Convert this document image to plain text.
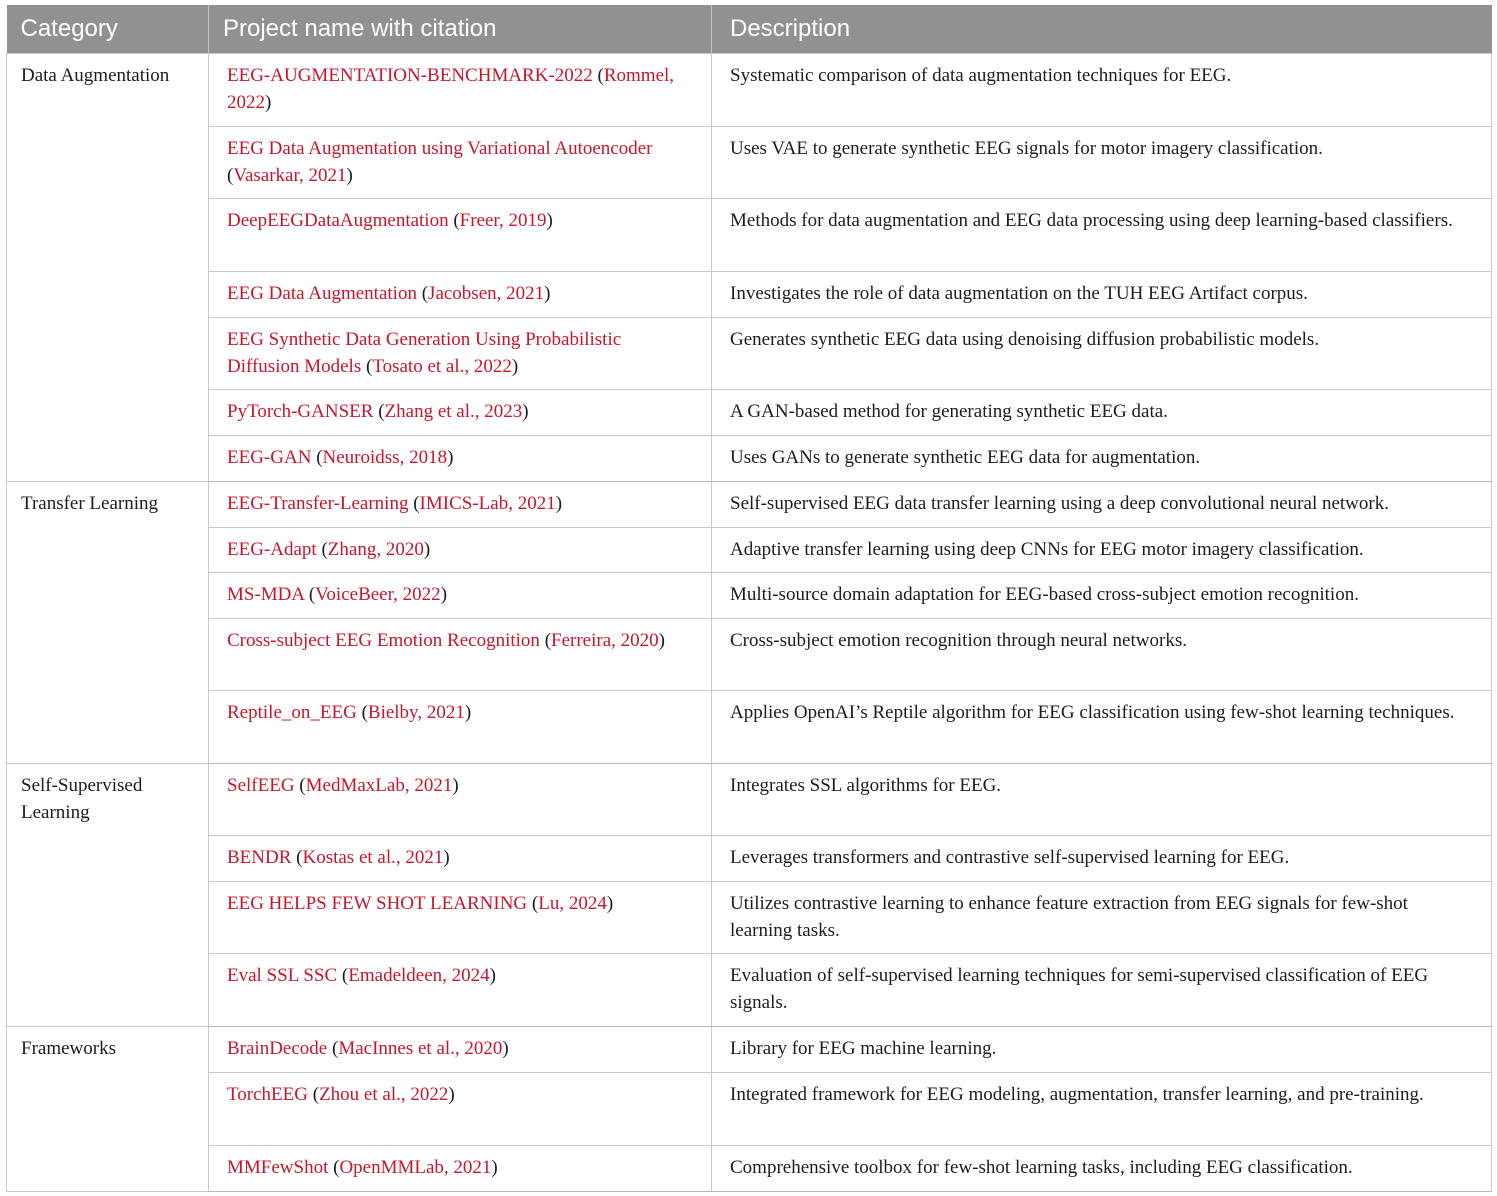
Category	Project name with citation	Description
Data Augmentation	EEG-AUGMENTATION-BENCHMARK-2022 (Rommel, 2022)	Systematic comparison of data augmentation techniques for EEG.
	EEG Data Augmentation using Variational Autoencoder (Vasarkar, 2021)	Uses VAE to generate synthetic EEG signals for motor imagery classification.
	DeepEEGDataAugmentation (Freer, 2019)	Methods for data augmentation and EEG data processing using deep learning-based classifiers.
	EEG Data Augmentation (Jacobsen, 2021)	Investigates the role of data augmentation on the TUH EEG Artifact corpus.
	EEG Synthetic Data Generation Using Probabilistic Diffusion Models (Tosato et al., 2022)	Generates synthetic EEG data using denoising diffusion probabilistic models.
	PyTorch-GANSER (Zhang et al., 2023)	A GAN-based method for generating synthetic EEG data.
	EEG-GAN (Neuroidss, 2018)	Uses GANs to generate synthetic EEG data for augmentation.
Transfer Learning	EEG-Transfer-Learning (IMICS-Lab, 2021)	Self-supervised EEG data transfer learning using a deep convolutional neural network.
	EEG-Adapt (Zhang, 2020)	Adaptive transfer learning using deep CNNs for EEG motor imagery classification.
	MS-MDA (VoiceBeer, 2022)	Multi-source domain adaptation for EEG-based cross-subject emotion recognition.
	Cross-subject EEG Emotion Recognition (Ferreira, 2020)	Cross-subject emotion recognition through neural networks.
	Reptile_on_EEG (Bielby, 2021)	Applies OpenAI’s Reptile algorithm for EEG classification using few-shot learning techniques.
Self-Supervised Learning	SelfEEG (MedMaxLab, 2021)	Integrates SSL algorithms for EEG.
	BENDR (Kostas et al., 2021)	Leverages transformers and contrastive self-supervised learning for EEG.
	EEG HELPS FEW SHOT LEARNING (Lu, 2024)	Utilizes contrastive learning to enhance feature extraction from EEG signals for few-shot learning tasks.
	Eval SSL SSC (Emadeldeen, 2024)	Evaluation of self-supervised learning techniques for semi-supervised classification of EEG signals.
Frameworks	BrainDecode (MacInnes et al., 2020)	Library for EEG machine learning.
	TorchEEG (Zhou et al., 2022)	Integrated framework for EEG modeling, augmentation, transfer learning, and pre-training.
	MMFewShot (OpenMMLab, 2021)	Comprehensive toolbox for few-shot learning tasks, including EEG classification.
